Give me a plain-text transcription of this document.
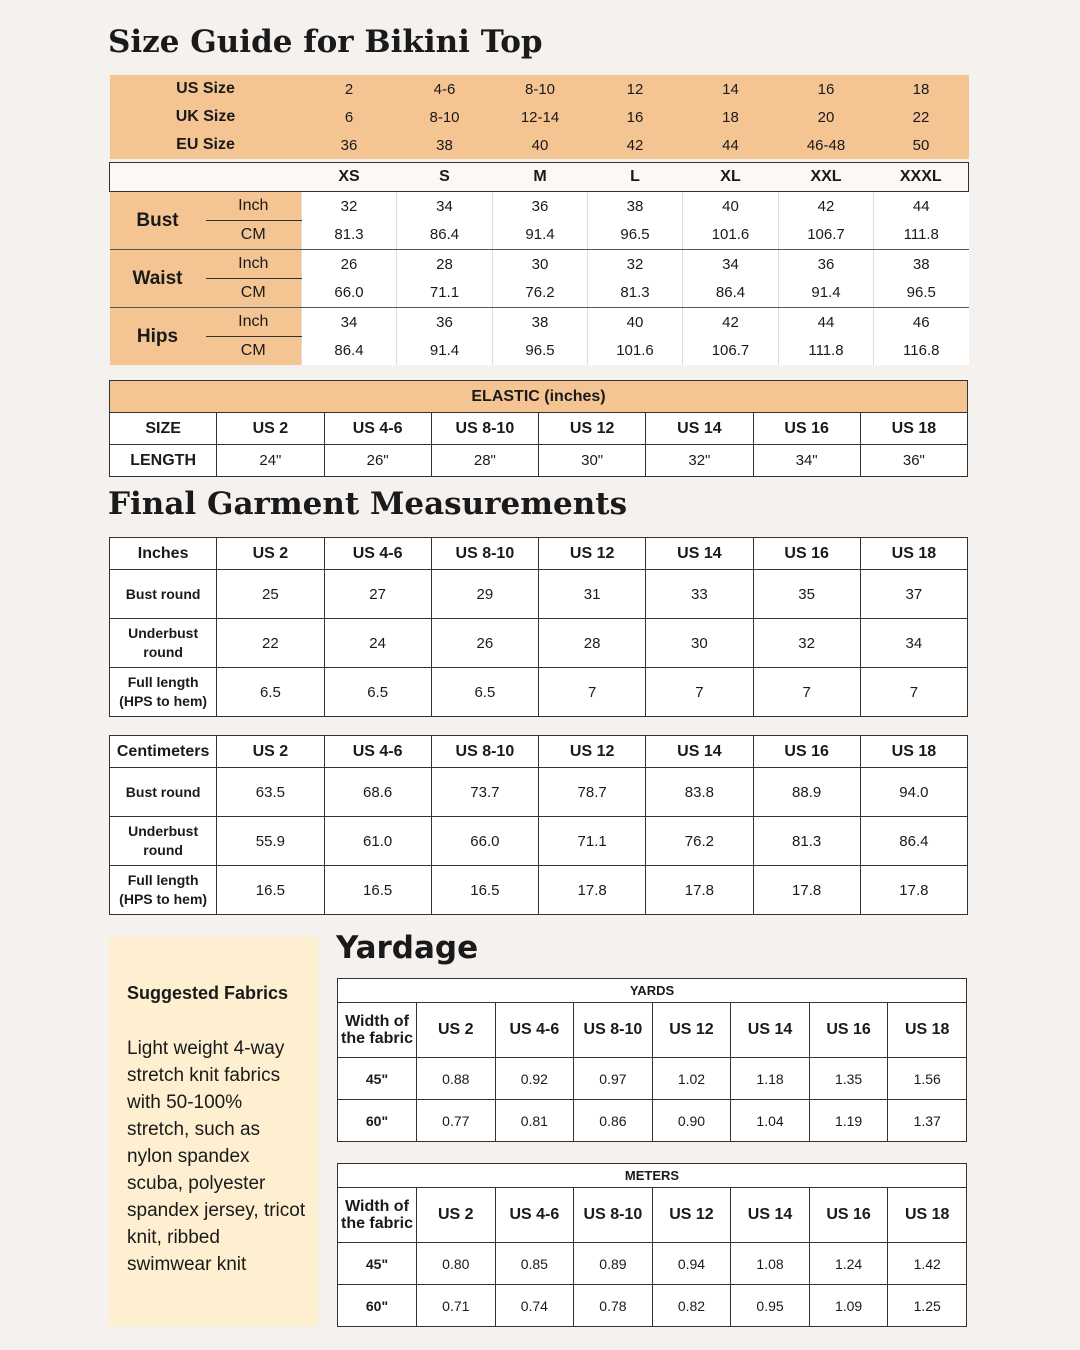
Size Guide for Bikini Top
US Size		2	4-6	8-10	12	14	16	18
UK Size		6	8-10	12-14	16	18	20	22
EU Size		36	38	40	42	44	46-48	50

		XS	S	M	L	XL	XXL	XXXL
Bust	Inch	32	34	36	38	40	42	44
	CM	81.3	86.4	91.4	96.5	101.6	106.7	111.8
Waist	Inch	26	28	30	32	34	36	38
	CM	66.0	71.1	76.2	81.3	86.4	91.4	96.5
Hips	Inch	34	36	38	40	42	44	46
	CM	86.4	91.4	96.5	101.6	106.7	111.8	116.8
ELASTIC (inches)							
SIZE	US 2	US 4-6	US 8-10	US 12	US 14	US 16	US 18
LENGTH	24"	26"	28"	30"	32"	34"	36"
Final Garment Measurements
Inches	US 2	US 4-6	US 8-10	US 12	US 14	US 16	US 18
Bust round	25	27	29	31	33	35	37
Underbust
round	22	24	26	28	30	32	34
Full length
(HPS to hem)	6.5	6.5	6.5	7	7	7	7
Centimeters	US 2	US 4-6	US 8-10	US 12	US 14	US 16	US 18
Bust round	63.5	68.6	73.7	78.7	83.8	88.9	94.0
Underbust
round	55.9	61.0	66.0	71.1	76.2	81.3	86.4
Full length
(HPS to hem)	16.5	16.5	16.5	17.8	17.8	17.8	17.8
Suggested Fabrics
Light weight 4-way stretch knit fabrics with 50-100% stretch, such as nylon spandex scuba, polyester spandex jersey, tricot knit, ribbed swimwear knit
Yardage
YARDS							
Width of
the fabric	US 2	US 4-6	US 8-10	US 12	US 14	US 16	US 18
45"	0.88	0.92	0.97	1.02	1.18	1.35	1.56
60"	0.77	0.81	0.86	0.90	1.04	1.19	1.37
METERS							
Width of
the fabric	US 2	US 4-6	US 8-10	US 12	US 14	US 16	US 18
45"	0.80	0.85	0.89	0.94	1.08	1.24	1.42
60"	0.71	0.74	0.78	0.82	0.95	1.09	1.25
